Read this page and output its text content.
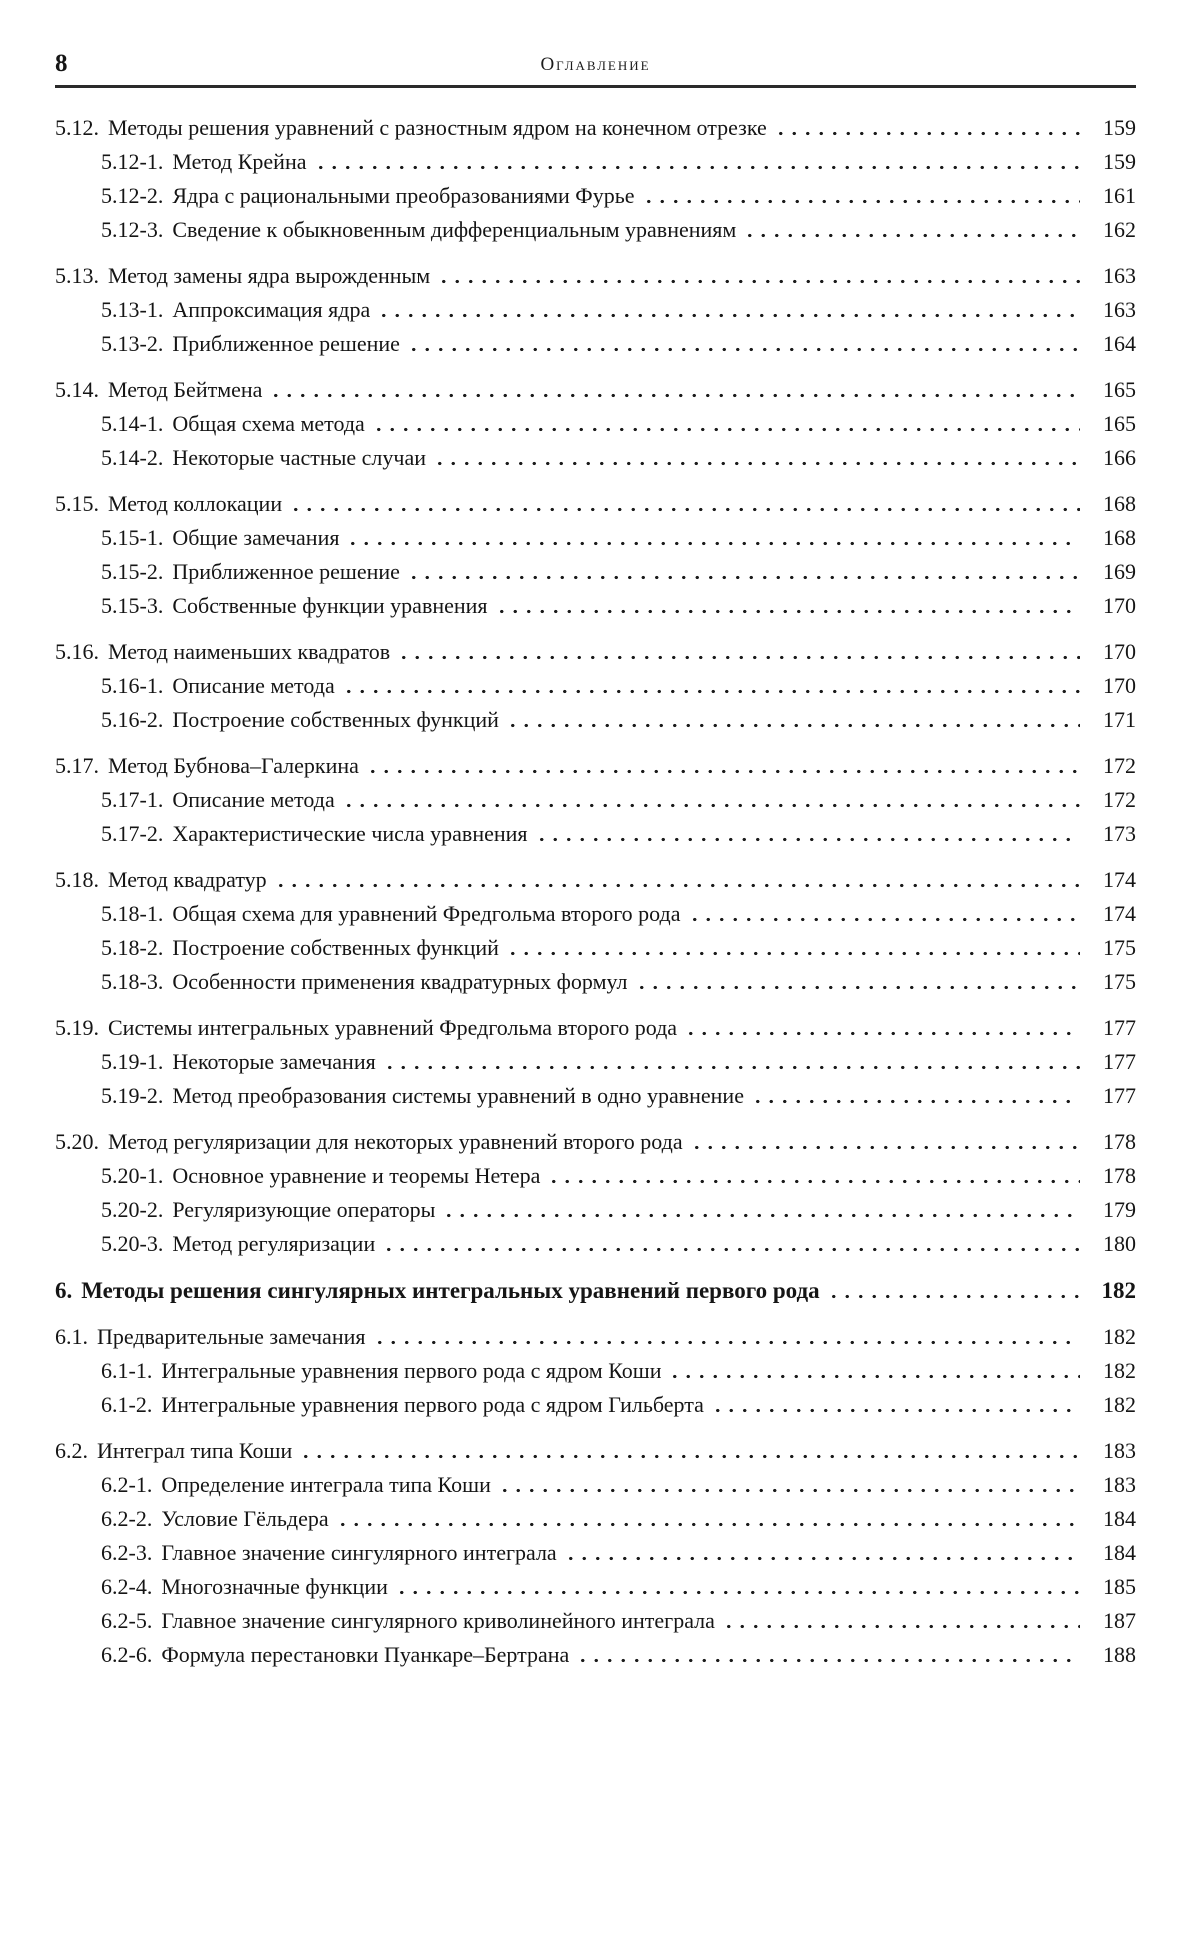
8	Оглавление
5.12. Методы решения уравнений с разностным ядром на конечном отрезке	159
5.12-1. Метод Крейна	159
5.12-2. Ядра с рациональными преобразованиями Фурье	161
5.12-3. Сведение к обыкновенным дифференциальным уравнениям	162
5.13. Метод замены ядра вырожденным	163
5.13-1. Аппроксимация ядра	163
5.13-2. Приближенное решение	164
5.14. Метод Бейтмена	165
5.14-1. Общая схема метода	165
5.14-2. Некоторые частные случаи	166
5.15. Метод коллокации	168
5.15-1. Общие замечания	168
5.15-2. Приближенное решение	169
5.15-3. Собственные функции уравнения	170
5.16. Метод наименьших квадратов	170
5.16-1. Описание метода	170
5.16-2. Построение собственных функций	171
5.17. Метод Бубнова–Галеркина	172
5.17-1. Описание метода	172
5.17-2. Характеристические числа уравнения	173
5.18. Метод квадратур	174
5.18-1. Общая схема для уравнений Фредгольма второго рода	174
5.18-2. Построение собственных функций	175
5.18-3. Особенности применения квадратурных формул	175
5.19. Системы интегральных уравнений Фредгольма второго рода	177
5.19-1. Некоторые замечания	177
5.19-2. Метод преобразования системы уравнений в одно уравнение	177
5.20. Метод регуляризации для некоторых уравнений второго рода	178
5.20-1. Основное уравнение и теоремы Нетера	178
5.20-2. Регуляризующие операторы	179
5.20-3. Метод регуляризации	180
6. Методы решения сингулярных интегральных уравнений первого рода	182
6.1. Предварительные замечания	182
6.1-1. Интегральные уравнения первого рода с ядром Коши	182
6.1-2. Интегральные уравнения первого рода с ядром Гильберта	182
6.2. Интеграл типа Коши	183
6.2-1. Определение интеграла типа Коши	183
6.2-2. Условие Гёльдера	184
6.2-3. Главное значение сингулярного интеграла	184
6.2-4. Многозначные функции	185
6.2-5. Главное значение сингулярного криволинейного интеграла	187
6.2-6. Формула перестановки Пуанкаре–Бертрана	188
